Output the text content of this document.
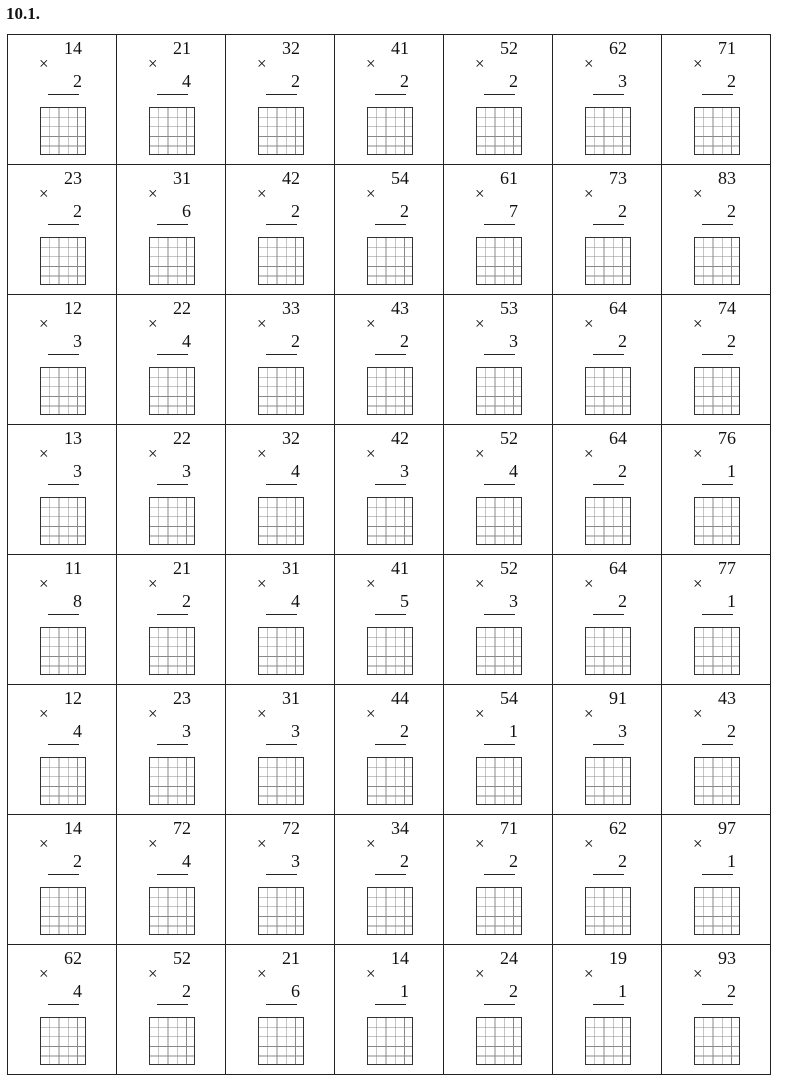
10.1.
14
×
2	21
×
4	32
×
2	41
×
2	52
×
2	62
×
3	71
×
2

23
×
2	31
×
6	42
×
2	54
×
2	61
×
7	73
×
2	83
×
2

12
×
3	22
×
4	33
×
2	43
×
2	53
×
3	64
×
2	74
×
2

13
×
3	22
×
3	32
×
4	42
×
3	52
×
4	64
×
2	76
×
1

11
×
8	21
×
2	31
×
4	41
×
5	52
×
3	64
×
2	77
×
1

12
×
4	23
×
3	31
×
3	44
×
2	54
×
1	91
×
3	43
×
2

14
×
2	72
×
4	72
×
3	34
×
2	71
×
2	62
×
2	97
×
1

62
×
4	52
×
2	21
×
6	14
×
1	24
×
2	19
×
1	93
×
2
